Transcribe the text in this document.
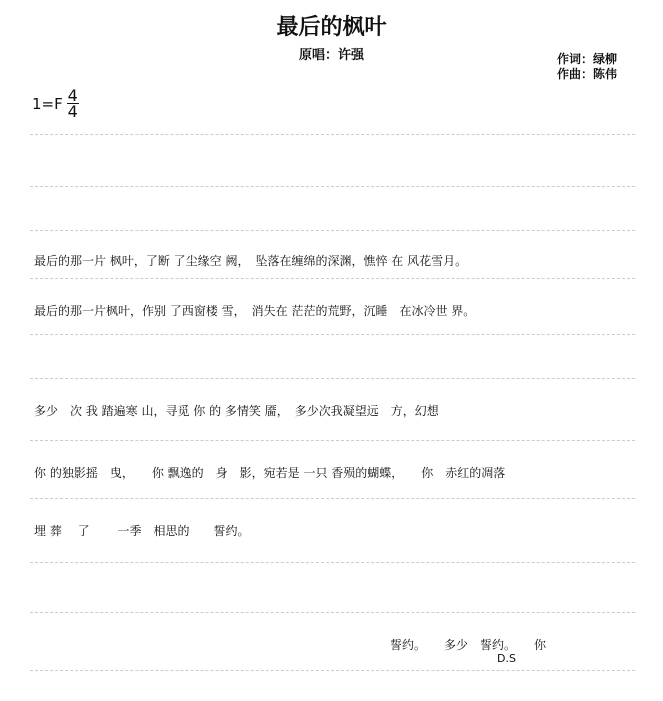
最后的枫叶
原唱：许强	作词：绿柳
作曲：陈伟
1=F 4
4
最后的那一片 枫叶，了断 了尘缘空 阙，　坠落在缠绵的深渊，憔悴 在 风花雪月。
最后的那一片枫叶，作别 了西窗楼 雪，　消失在 茫茫的荒野，沉睡　在冰冷世 界。
多少　次 我 踏遍寒 山，寻觅 你 的 多情笑 靥，　多少次我凝望远　方，幻想
你 的独影摇　曳，　　你 飘逸的　身　影，宛若是 一只 香殒的蝴蝶，　　你　赤红的凋落
埋 葬　 了　　 一季　相思的　　誓约。
誓约。　　多少　誓约。　　你
D.S
